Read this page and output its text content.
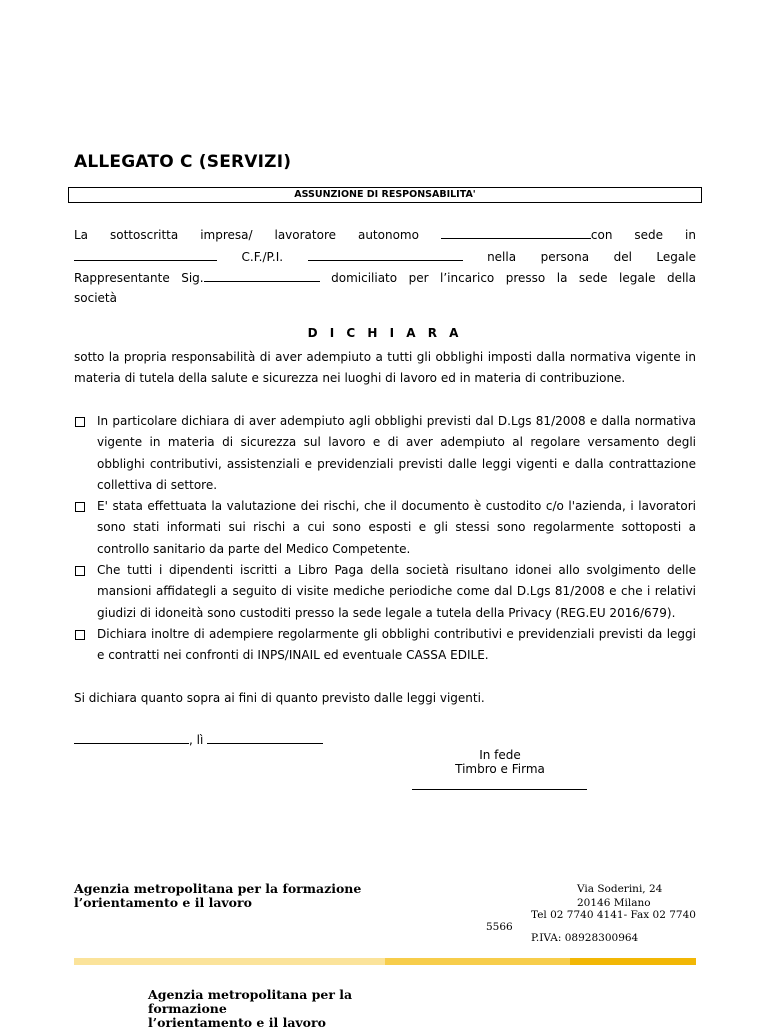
ALLEGATO C (SERVIZI)
ASSUNZIONE DI RESPONSABILITA'
La sottoscritta impresa/ lavoratore autonomo	con sede in
C.F./P.I.	nella persona del Legale
Rappresentante Sig.	domiciliato per l’incarico presso la sede legale della
società
D I C H I A R A
sotto la propria responsabilità di aver adempiuto a tutti gli obblighi imposti dalla normativa vigente in materia di tutela della salute e sicurezza nei luoghi di lavoro ed in materia di contribuzione.
In particolare dichiara di aver adempiuto agli obblighi previsti dal D.Lgs 81/2008 e dalla normativa vigente in materia di sicurezza sul lavoro e di aver adempiuto al regolare versamento degli obblighi contributivi, assistenziali e previdenziali previsti dalle leggi vigenti e dalla contrattazione collettiva di settore.
E' stata effettuata la valutazione dei rischi, che il documento è custodito c/o l'azienda, i lavoratori sono stati informati sui rischi a cui sono esposti e gli stessi sono regolarmente sottoposti a controllo sanitario da parte del Medico Competente.
Che tutti i dipendenti iscritti a Libro Paga della società risultano idonei allo svolgimento delle mansioni affidategli a seguito di visite mediche periodiche come dal D.Lgs 81/2008 e che i relativi giudizi di idoneità sono custoditi presso la sede legale a tutela della Privacy (REG.EU 2016/679).
Dichiara inoltre di adempiere regolarmente gli obblighi contributivi e previdenziali previsti da leggi e contratti nei confronti di INPS/INAIL ed eventuale CASSA EDILE.
Si dichiara quanto sopra ai fini di quanto previsto dalle leggi vigenti.
, lì
In fede
Timbro e Firma
Agenzia metropolitana per la formazione
l’orientamento e il lavoro
Via Soderini, 24
20146 Milano
Tel 02 7740 4141- Fax 02 7740
5566
P.IVA: 08928300964
Agenzia metropolitana per la
formazione
l’orientamento e il lavoro
